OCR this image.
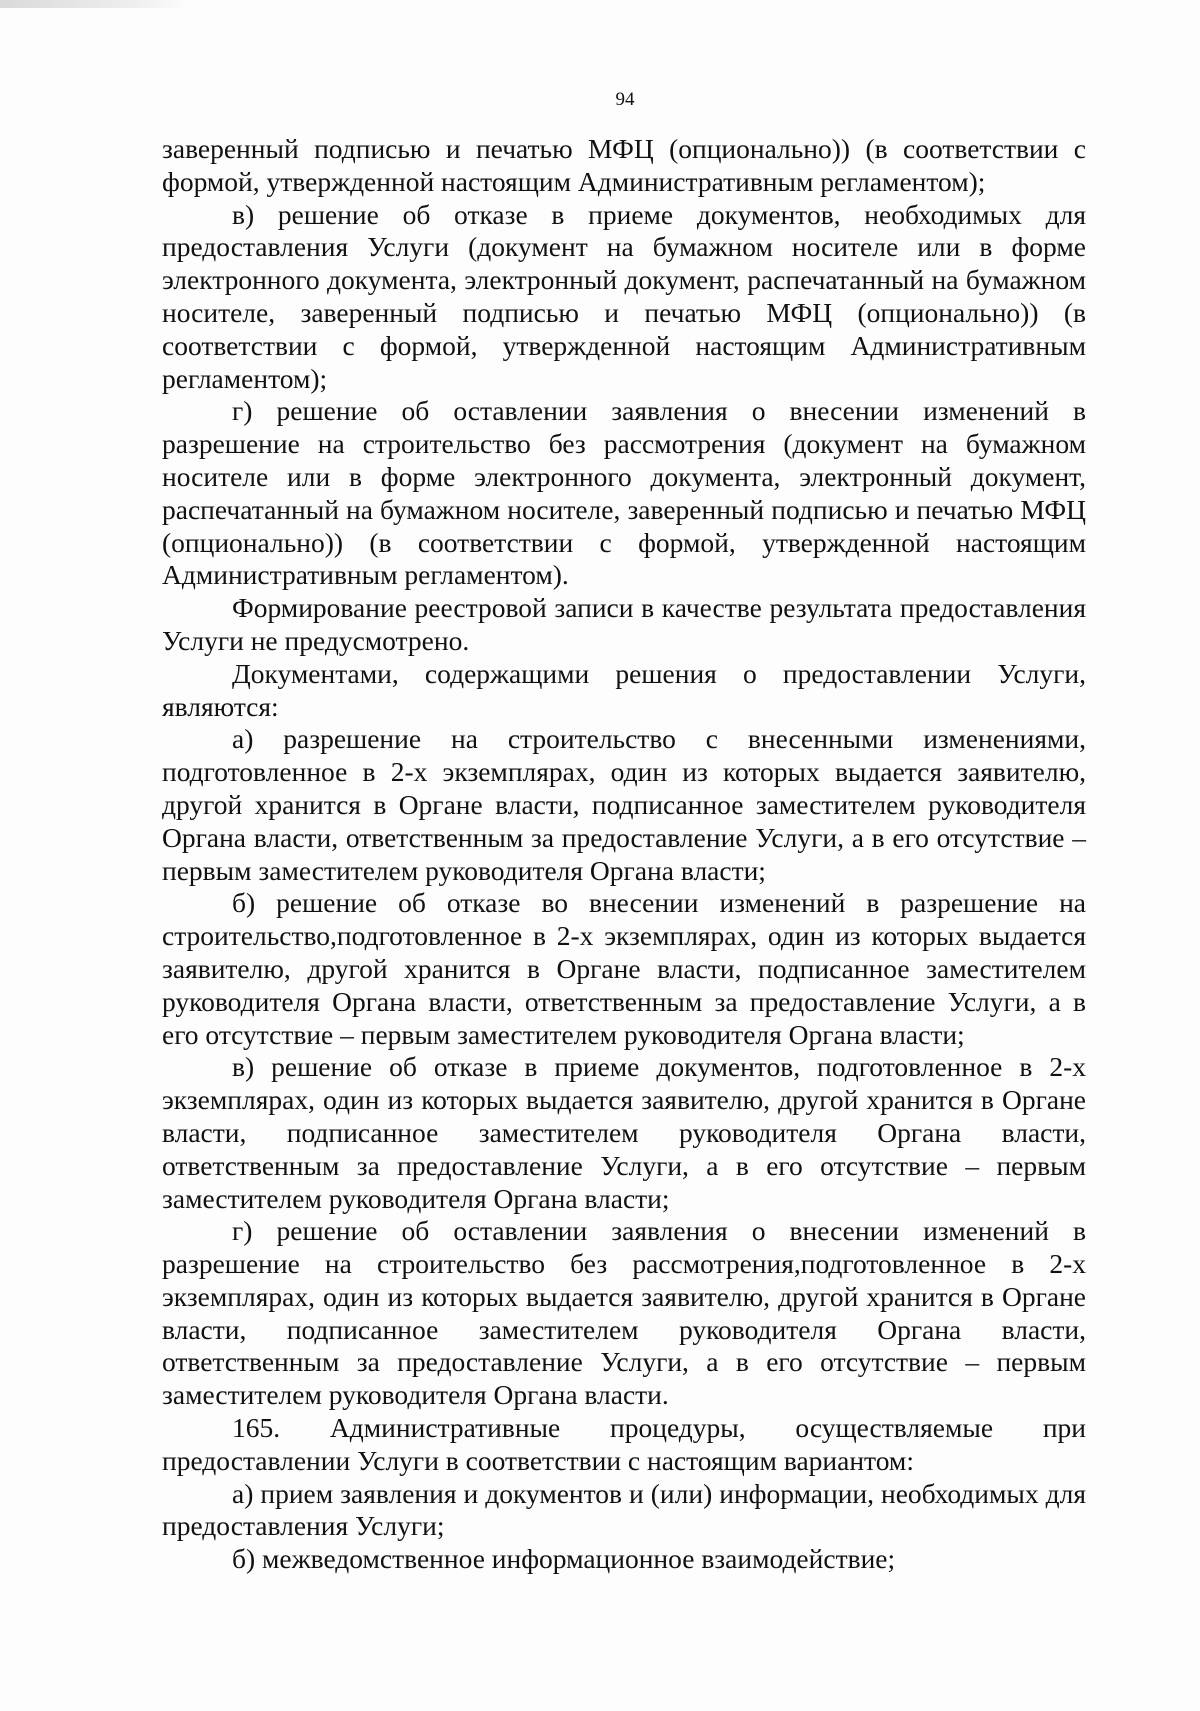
94

заверенный подписью и печатью МФЦ (опционально)) (в соответствии с формой, утвержденной настоящим Административным регламентом);

в) решение об отказе в приеме документов, необходимых для предоставления Услуги (документ на бумажном носителе или в форме электронного документа, электронный документ, распечатанный на бумажном носителе, заверенный подписью и печатью МФЦ (опционально)) (в соответствии с формой, утвержденной настоящим Административным регламентом);

г) решение об оставлении заявления о внесении изменений в разрешение на строительство без рассмотрения (документ на бумажном носителе или в форме электронного документа, электронный документ, распечатанный на бумажном носителе, заверенный подписью и печатью МФЦ (опционально)) (в соответствии с формой, утвержденной настоящим Административным регламентом).

Формирование реестровой записи в качестве результата предоставления Услуги не предусмотрено.

Документами, содержащими решения о предоставлении Услуги, являются:

а) разрешение на строительство с внесенными изменениями, подготовленное в 2-х экземплярах, один из которых выдается заявителю, другой хранится в Органе власти, подписанное заместителем руководителя Органа власти, ответственным за предоставление Услуги, а в его отсутствие – первым заместителем руководителя Органа власти;

б) решение об отказе во внесении изменений в разрешение на строительство,подготовленное в 2-х экземплярах, один из которых выдается заявителю, другой хранится в Органе власти, подписанное заместителем руководителя Органа власти, ответственным за предоставление Услуги, а в его отсутствие – первым заместителем руководителя Органа власти;

в) решение об отказе в приеме документов, подготовленное в 2-х экземплярах, один из которых выдается заявителю, другой хранится в Органе власти, подписанное заместителем руководителя Органа власти, ответственным за предоставление Услуги, а в его отсутствие – первым заместителем руководителя Органа власти;

г) решение об оставлении заявления о внесении изменений в разрешение на строительство без рассмотрения,подготовленное в 2-х экземплярах, один из которых выдается заявителю, другой хранится в Органе власти, подписанное заместителем руководителя Органа власти, ответственным за предоставление Услуги, а в его отсутствие – первым заместителем руководителя Органа власти.

165. Административные процедуры, осуществляемые при предоставлении Услуги в соответствии с настоящим вариантом:

а) прием заявления и документов и (или) информации, необходимых для предоставления Услуги;

б) межведомственное информационное взаимодействие;
